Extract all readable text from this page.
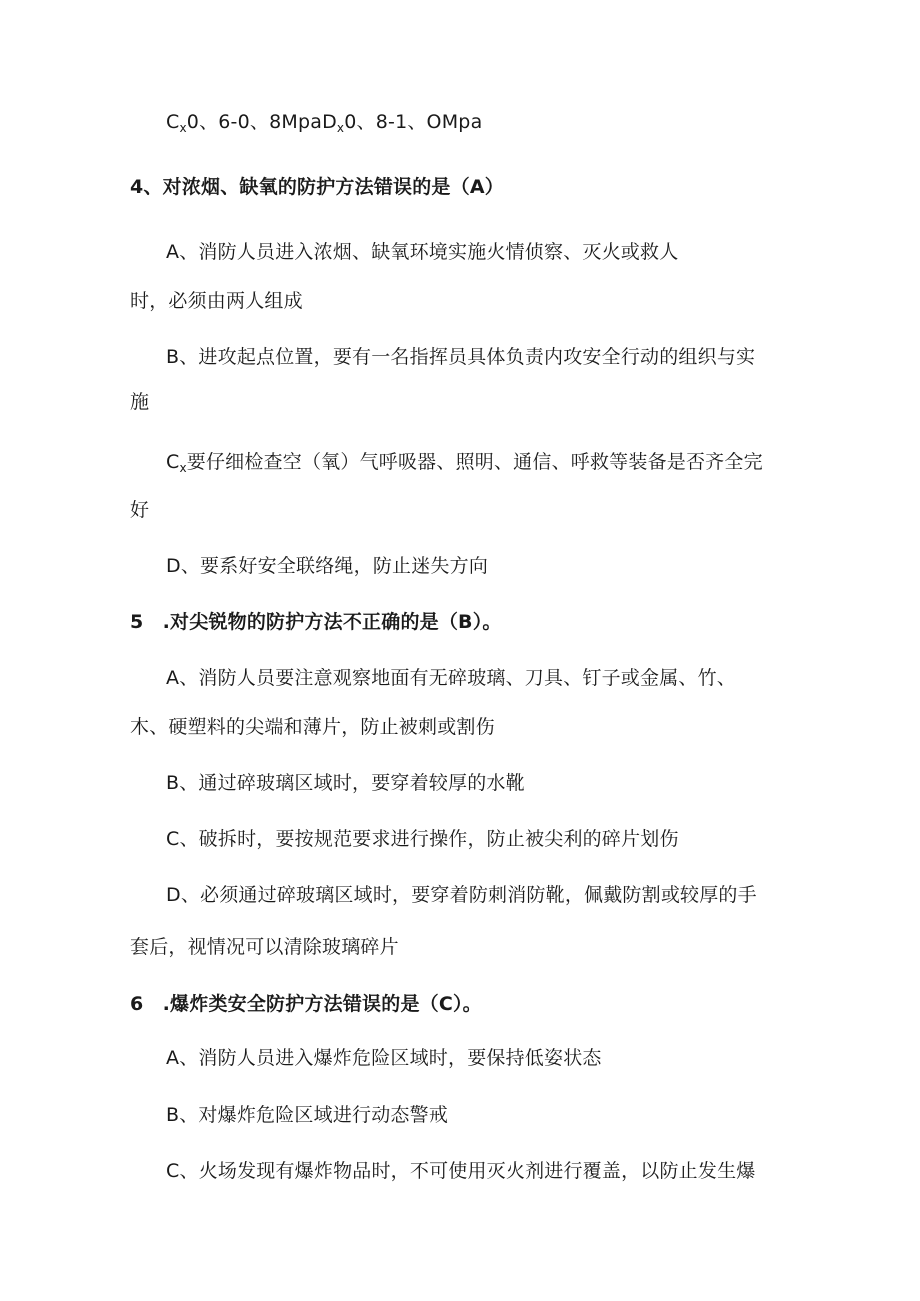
$C_x0$、6-0、8MpaD$_x$0、8-1、OMpa
4、对浓烟、缺氧的防护方法错误的是（A）
A、消防人员进入浓烟、缺氧环境实施火情侦察、灭火或救人
时，必须由两人组成
B、进攻起点位置，要有一名指挥员具体负责内攻安全行动的组织与实
施
$C_x$要仔细检查空（氧）气呼吸器、照明、通信、呼救等装备是否齐全完
好
D、要系好安全联络绳，防止迷失方向
5　.对尖锐物的防护方法不正确的是（B）。
A、消防人员要注意观察地面有无碎玻璃、刀具、钉子或金属、竹、
木、硬塑料的尖端和薄片，防止被刺或割伤
B、通过碎玻璃区域时，要穿着较厚的水靴
C、破拆时，要按规范要求进行操作，防止被尖利的碎片划伤
D、必须通过碎玻璃区域时，要穿着防刺消防靴，佩戴防割或较厚的手
套后，视情况可以清除玻璃碎片
6　.爆炸类安全防护方法错误的是（C）。
A、消防人员进入爆炸危险区域时，要保持低姿状态
B、对爆炸危险区域进行动态警戒
C、火场发现有爆炸物品时，不可使用灭火剂进行覆盖，以防止发生爆
